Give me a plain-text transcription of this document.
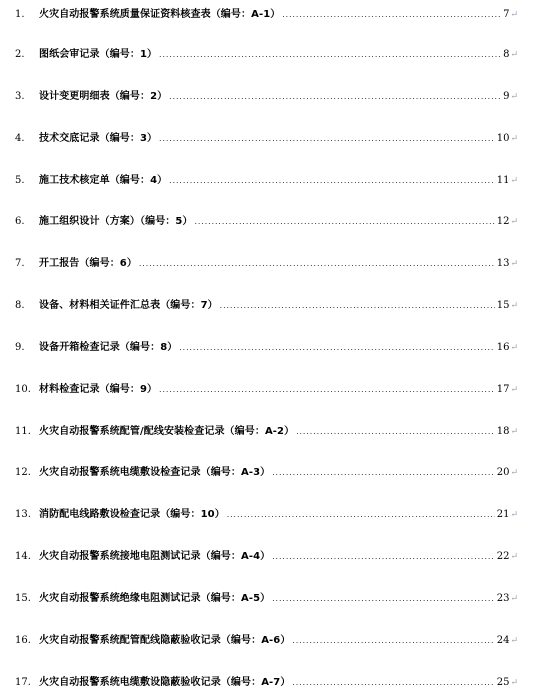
1.	火灾自动报警系统质量保证资料核查表（编号：A-1） .....	7 ↵
2.	图纸会审记录（编号：1） .....	8 ↵
3.	设计变更明细表（编号：2） .....	9 ↵
4.	技术交底记录（编号：3） .....	10 ↵
5.	施工技术核定单（编号：4） .....	11 ↵
6.	施工组织设计（方案）（编号：5） .....	12 ↵
7.	开工报告（编号：6） .....	13 ↵
8.	设备、材料相关证件汇总表（编号：7） .....	15 ↵
9.	设备开箱检查记录（编号：8） .....	16 ↵
10. 材料检查记录（编号：9） .....	17 ↵
11. 火灾自动报警系统配管/配线安装检查记录（编号：A-2） .....	18 ↵
12. 火灾自动报警系统电缆敷设检查记录（编号：A-3） .....	20 ↵
13. 消防配电线路敷设检查记录（编号：10） .....	21 ↵
14. 火灾自动报警系统接地电阻测试记录（编号：A-4） .....	22 ↵
15. 火灾自动报警系统绝缘电阻测试记录（编号：A-5） .....	23 ↵
16. 火灾自动报警系统配管配线隐蔽验收记录（编号：A-6） .....	24 ↵
17. 火灾自动报警系统电缆敷设隐蔽验收记录（编号：A-7） .....	25 ↵
